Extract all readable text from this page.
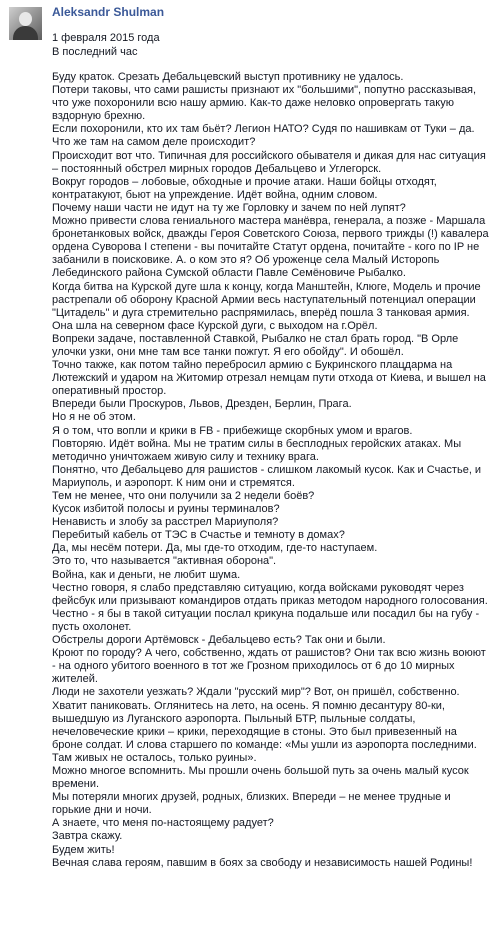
Aleksandr Shulman
1 февраля 2015 года
В последний час

Буду краток. Срезать Дебальцевский выступ противнику не удалось.

Потери таковы, что сами рашисты признают их "большими", попутно рассказывая, что уже похоронили всю нашу армию. Как-то даже неловко опровергать такую вздорную брехню.

Если похоронили, кто их там бьёт? Легион НАТО? Судя по нашивкам от Туки – да. Что же там на самом деле происходит?

Происходит вот что. Типичная для российского обывателя и дикая для нас ситуация – постоянный обстрел мирных городов Дебальцево и Углегорск.

Вокруг городов – лобовые, обходные и прочие атаки. Наши бойцы отходят, контратакуют, бьют на упреждение. Идёт война, одним словом.

Почему наши части не идут на ту же Горловку и зачем по ней лупят?

Можно привести слова гениального мастера манёвра, генерала, а позже - Маршала бронетанковых войск, дважды Героя Советского Союза, первого трижды (!) кавалера ордена Суворова I степени - вы почитайте Статут ордена, почитайте - кого по IP не забанили в поисковике. А. о ком это я? Об уроженце села Малый Исторопь Лебединского района Сумской области Павле Семёновиче Рыбалко.

Когда битва на Курской дуге шла к концу, когда Манштейн, Клюге, Модель и прочие растрепали об оборону Красной Армии весь наступательный потенциал операции "Цитадель" и дуга стремительно распрямилась, вперёд пошла 3 танковая армия. Она шла на северном фасе Курской дуги, с выходом на г.Орёл.

Вопреки задаче, поставленной Ставкой, Рыбалко не стал брать город. "В Орле улочки узки, они мне там все танки пожгут. Я его обойду". И обошёл.

Точно также, как потом тайно перебросил армию с Букринского плацдарма на Лютежский и ударом на Житомир отрезал немцам пути отхода от Киева, и вышел на оперативный простор.

Впереди были Проскуров, Львов, Дрезден, Берлин, Прага.

Но я не об этом.

Я о том, что вопли и крики в FB - прибежище скорбных умом и врагов.

Повторяю. Идёт война. Мы не тратим силы в бесплодных геройских атаках. Мы методично уничтожаем живую силу и технику врага.

Понятно, что Дебальцево для рашистов - слишком лакомый кусок. Как и Счастье, и Мариуполь, и аэропорт. К ним они и стремятся.

Тем не менее, что они получили за 2 недели боёв?

Кусок избитой полосы и руины терминалов?

Ненависть и злобу за расстрел Мариуполя?

Перебитый кабель от ТЭС в Счастье и темноту в домах?

Да, мы несём потери. Да, мы где-то отходим, где-то наступаем.

Это то, что называется "активная оборона".

Война, как и деньги, не любит шума.

Честно говоря, я слабо представляю ситуацию, когда войсками руководят через фейсбук или призывают командиров отдать приказ методом народного голосования. Честно - я бы в такой ситуации послал крикуна подальше или посадил бы на губу - пусть охолонет.

Обстрелы дороги Артёмовск - Дебальцево есть? Так они и были.

Кроют по городу? А чего, собственно, ждать от рашистов? Они так всю жизнь воюют - на одного убитого военного в тот же Грозном приходилось от 6 до 10 мирных жителей.

Люди не захотели уезжать? Ждали "русский мир"? Вот, он пришёл, собственно.

Хватит паниковать. Оглянитесь на лето, на осень. Я помню десантуру 80-ки, вышедшую из Луганского аэропорта. Пыльный БТР, пыльные солдаты, нечеловеческие крики – крики, переходящие в стоны. Это был привезенный на броне солдат. И слова старшего по команде: «Мы ушли из аэропорта последними. Там живых не осталось, только руины».

Можно многое вспомнить. Мы прошли очень большой путь за очень малый кусок времени.

Мы потеряли многих друзей, родных, близких. Впереди – не менее трудные и горькие дни и ночи.

А знаете, что меня по-настоящему радует?

Завтра скажу.

Будем жить!

Вечная слава героям, павшим в боях за свободу и независимость нашей Родины!
